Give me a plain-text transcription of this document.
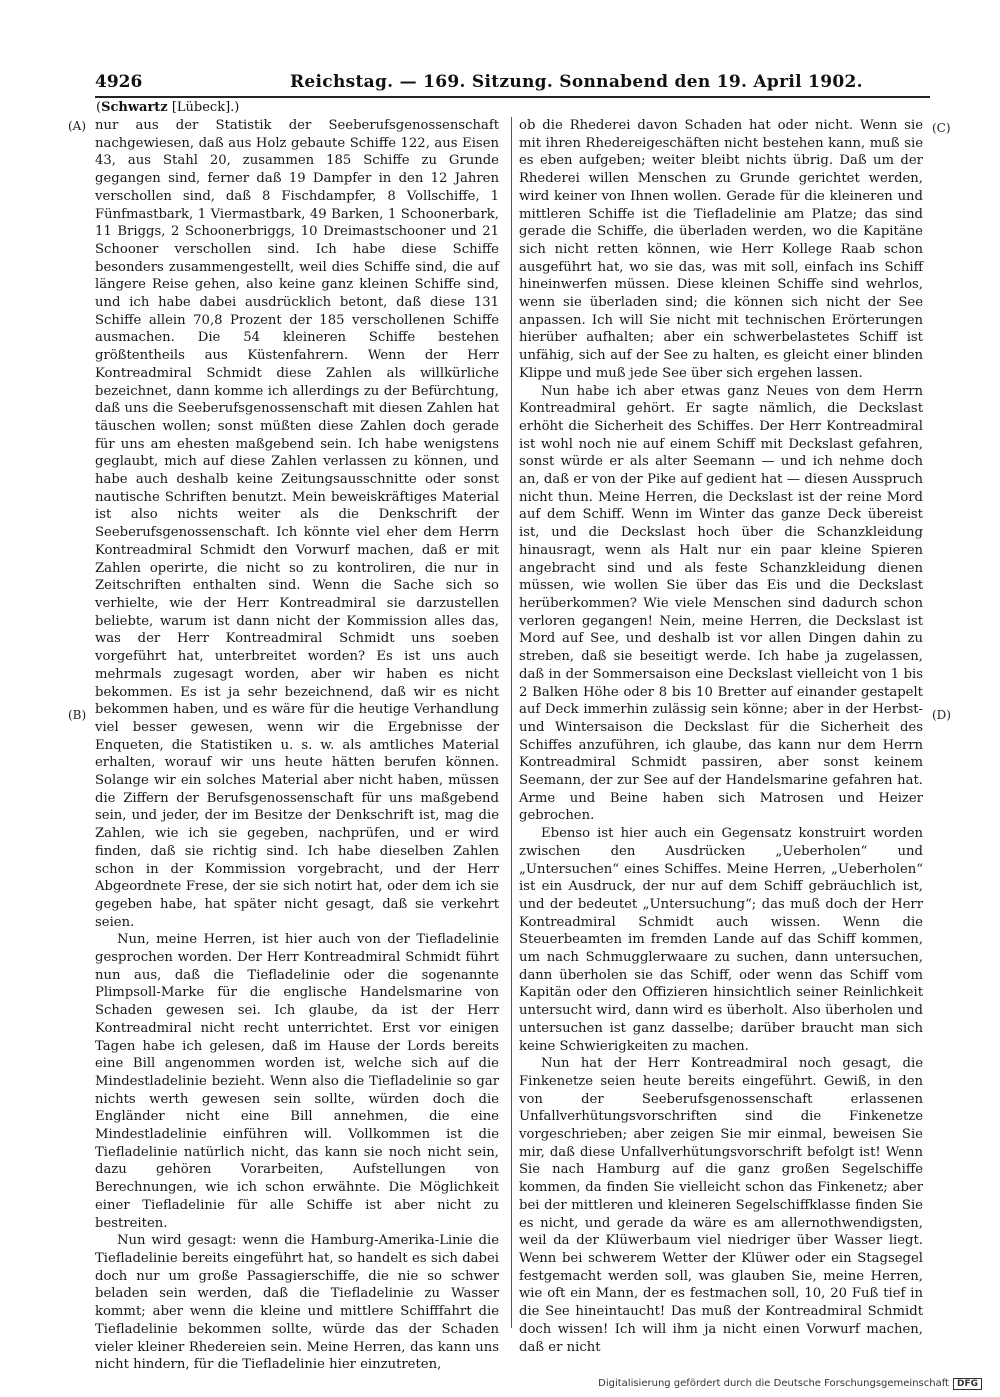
4926	Reichstag. — 169. Sitzung. Sonnabend den 19. April 1902.
(Schwartz [Lübeck].)
(A)
(B)
(C)
(D)

nur aus der Statistik der Seeberufsgenossenschaft nachgewiesen, daß aus Holz gebaute Schiffe 122, aus Eisen 43, aus Stahl 20, zusammen 185 Schiffe zu Grunde gegangen sind, ferner daß 19 Dampfer in den 12 Jahren verschollen sind, daß 8 Fischdampfer, 8 Vollschiffe, 1 Fünfmastbark, 1 Viermastbark, 49 Barken, 1 Schoonerbark, 11 Briggs, 2 Schoonerbriggs, 10 Dreimastschooner und 21 Schooner verschollen sind. Ich habe diese Schiffe besonders zusammengestellt, weil dies Schiffe sind, die auf längere Reise gehen, also keine ganz kleinen Schiffe sind, und ich habe dabei ausdrücklich betont, daß diese 131 Schiffe allein 70,8 Prozent der 185 verschollenen Schiffe ausmachen. Die 54 kleineren Schiffe bestehen größtentheils aus Küstenfahrern. Wenn der Herr Kontreadmiral Schmidt diese Zahlen als willkürliche bezeichnet, dann komme ich allerdings zu der Befürchtung, daß uns die Seeberufsgenossenschaft mit diesen Zahlen hat täuschen wollen; sonst müßten diese Zahlen doch gerade für uns am ehesten maßgebend sein. Ich habe wenigstens geglaubt, mich auf diese Zahlen verlassen zu können, und habe auch deshalb keine Zeitungsausschnitte oder sonst nautische Schriften benutzt. Mein beweiskräftiges Material ist also nichts weiter als die Denkschrift der Seeberufsgenossenschaft. Ich könnte viel eher dem Herrn Kontreadmiral Schmidt den Vorwurf machen, daß er mit Zahlen operirte, die nicht so zu kontroliren, die nur in Zeitschriften enthalten sind. Wenn die Sache sich so verhielte, wie der Herr Kontreadmiral sie darzustellen beliebte, warum ist dann nicht der Kommission alles das, was der Herr Kontreadmiral Schmidt uns soeben vorgeführt hat, unterbreitet worden? Es ist uns auch mehrmals zugesagt worden, aber wir haben es nicht bekommen. Es ist ja sehr bezeichnend, daß wir es nicht bekommen haben, und es wäre für die heutige Verhandlung viel besser gewesen, wenn wir die Ergebnisse der Enqueten, die Statistiken u. s. w. als amtliches Material erhalten, worauf wir uns heute hätten berufen können. Solange wir ein solches Material aber nicht haben, müssen die Ziffern der Berufsgenossenschaft für uns maßgebend sein, und jeder, der im Besitze der Denkschrift ist, mag die Zahlen, wie ich sie gegeben, nachprüfen, und er wird finden, daß sie richtig sind. Ich habe dieselben Zahlen schon in der Kommission vorgebracht, und der Herr Abgeordnete Frese, der sie sich notirt hat, oder dem ich sie gegeben habe, hat später nicht gesagt, daß sie verkehrt seien.

Nun, meine Herren, ist hier auch von der Tiefladelinie gesprochen worden. Der Herr Kontreadmiral Schmidt führt nun aus, daß die Tiefladelinie oder die sogenannte Plimpsoll-Marke für die englische Handelsmarine von Schaden gewesen sei. Ich glaube, da ist der Herr Kontreadmiral nicht recht unterrichtet. Erst vor einigen Tagen habe ich gelesen, daß im Hause der Lords bereits eine Bill angenommen worden ist, welche sich auf die Mindestladelinie bezieht. Wenn also die Tiefladelinie so gar nichts werth gewesen sein sollte, würden doch die Engländer nicht eine Bill annehmen, die eine Mindestladelinie einführen will. Vollkommen ist die Tiefladelinie natürlich nicht, das kann sie noch nicht sein, dazu gehören Vorarbeiten, Aufstellungen von Berechnungen, wie ich schon erwähnte. Die Möglichkeit einer Tiefladelinie für alle Schiffe ist aber nicht zu bestreiten.

Nun wird gesagt: wenn die Hamburg-Amerika-Linie die Tiefladelinie bereits eingeführt hat, so handelt es sich dabei doch nur um große Passagierschiffe, die nie so schwer beladen sein werden, daß die Tiefladelinie zu Wasser kommt; aber wenn die kleine und mittlere Schifffahrt die Tiefladelinie bekommen sollte, würde das der Schaden vieler kleiner Rhedereien sein. Meine Herren, das kann uns nicht hindern, für die Tiefladelinie hier einzutreten,

ob die Rhederei davon Schaden hat oder nicht. Wenn sie mit ihren Rhedereigeschäften nicht bestehen kann, muß sie es eben aufgeben; weiter bleibt nichts übrig. Daß um der Rhederei willen Menschen zu Grunde gerichtet werden, wird keiner von Ihnen wollen. Gerade für die kleineren und mittleren Schiffe ist die Tiefladelinie am Platze; das sind gerade die Schiffe, die überladen werden, wo die Kapitäne sich nicht retten können, wie Herr Kollege Raab schon ausgeführt hat, wo sie das, was mit soll, einfach ins Schiff hineinwerfen müssen. Diese kleinen Schiffe sind wehrlos, wenn sie überladen sind; die können sich nicht der See anpassen. Ich will Sie nicht mit technischen Erörterungen hierüber aufhalten; aber ein schwerbelastetes Schiff ist unfähig, sich auf der See zu halten, es gleicht einer blinden Klippe und muß jede See über sich ergehen lassen.

Nun habe ich aber etwas ganz Neues von dem Herrn Kontreadmiral gehört. Er sagte nämlich, die Deckslast erhöht die Sicherheit des Schiffes. Der Herr Kontreadmiral ist wohl noch nie auf einem Schiff mit Deckslast gefahren, sonst würde er als alter Seemann — und ich nehme doch an, daß er von der Pike auf gedient hat — diesen Ausspruch nicht thun. Meine Herren, die Deckslast ist der reine Mord auf dem Schiff. Wenn im Winter das ganze Deck übereist ist, und die Deckslast hoch über die Schanzkleidung hinausragt, wenn als Halt nur ein paar kleine Spieren angebracht sind und als feste Schanzkleidung dienen müssen, wie wollen Sie über das Eis und die Deckslast herüberkommen? Wie viele Menschen sind dadurch schon verloren gegangen! Nein, meine Herren, die Deckslast ist Mord auf See, und deshalb ist vor allen Dingen dahin zu streben, daß sie beseitigt werde. Ich habe ja zugelassen, daß in der Sommersaison eine Deckslast vielleicht von 1 bis 2 Balken Höhe oder 8 bis 10 Bretter auf einander gestapelt auf Deck immerhin zulässig sein könne; aber in der Herbst- und Wintersaison die Deckslast für die Sicherheit des Schiffes anzuführen, ich glaube, das kann nur dem Herrn Kontreadmiral Schmidt passiren, aber sonst keinem Seemann, der zur See auf der Handelsmarine gefahren hat. Arme und Beine haben sich Matrosen und Heizer gebrochen.

Ebenso ist hier auch ein Gegensatz konstruirt worden zwischen den Ausdrücken „Ueberholen“ und „Untersuchen“ eines Schiffes. Meine Herren, „Ueberholen“ ist ein Ausdruck, der nur auf dem Schiff gebräuchlich ist, und der bedeutet „Untersuchung“; das muß doch der Herr Kontreadmiral Schmidt auch wissen. Wenn die Steuerbeamten im fremden Lande auf das Schiff kommen, um nach Schmugglerwaare zu suchen, dann untersuchen, dann überholen sie das Schiff, oder wenn das Schiff vom Kapitän oder den Offizieren hinsichtlich seiner Reinlichkeit untersucht wird, dann wird es überholt. Also überholen und untersuchen ist ganz dasselbe; darüber braucht man sich keine Schwierigkeiten zu machen.

Nun hat der Herr Kontreadmiral noch gesagt, die Finkenetze seien heute bereits eingeführt. Gewiß, in den von der Seeberufsgenossenschaft erlassenen Unfallverhütungsvorschriften sind die Finkenetze vorgeschrieben; aber zeigen Sie mir einmal, beweisen Sie mir, daß diese Unfallverhütungsvorschrift befolgt ist! Wenn Sie nach Hamburg auf die ganz großen Segelschiffe kommen, da finden Sie vielleicht schon das Finkenetz; aber bei der mittleren und kleineren Segelschiffklasse finden Sie es nicht, und gerade da wäre es am allernothwendigsten, weil da der Klüwerbaum viel niedriger über Wasser liegt. Wenn bei schwerem Wetter der Klüwer oder ein Stagsegel festgemacht werden soll, was glauben Sie, meine Herren, wie oft ein Mann, der es festmachen soll, 10, 20 Fuß tief in die See hineintaucht! Das muß der Kontreadmiral Schmidt doch wissen! Ich will ihm ja nicht einen Vorwurf machen, daß er nicht

Digitalisierung gefördert durch die Deutsche Forschungsgemeinschaft DFG
